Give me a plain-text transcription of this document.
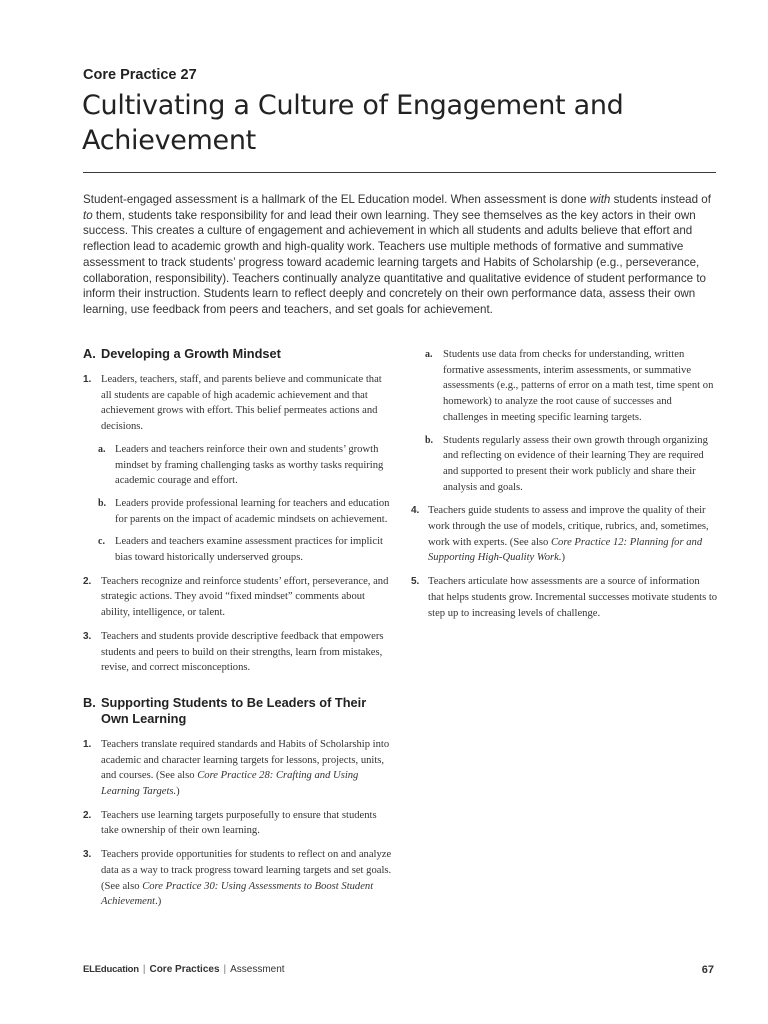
Core Practice 27
Cultivating a Culture of Engagement and Achievement

Student-engaged assessment is a hallmark of the EL Education model. When assessment is done with students instead of to them, students take responsibility for and lead their own learning. They see themselves as the key actors in their own success. This creates a culture of engagement and achievement in which all students and adults believe that effort and reflection lead to academic growth and high-quality work. Teachers use multiple methods of formative and summative assessment to track students’ progress toward academic learning targets and Habits of Scholarship (e.g., perseverance, collaboration, responsibility). Teachers continually analyze quantitative and qualitative evidence of student performance to inform their instruction. Students learn to reflect deeply and concretely on their own performance data, assess their own learning, use feedback from peers and teachers, and set goals for achievement.

A. Developing a Growth Mindset

1. Leaders, teachers, staff, and parents believe and communicate that all students are capable of high academic achievement and that achievement grows with effort. This belief permeates actions and decisions.

a. Leaders and teachers reinforce their own and students’ growth mindset by framing challenging tasks as worthy tasks requiring academic courage and effort.

b. Leaders provide professional learning for teachers and education for parents on the impact of academic mindsets on achievement.

c. Leaders and teachers examine assessment practices for implicit bias toward historically underserved groups.

2. Teachers recognize and reinforce students’ effort, perseverance, and strategic actions. They avoid “fixed mindset” comments about ability, intelligence, or talent.

3. Teachers and students provide descriptive feedback that empowers students and peers to build on their strengths, learn from mistakes, revise, and correct misconceptions.

B. Supporting Students to Be Leaders of Their Own Learning

1. Teachers translate required standards and Habits of Scholarship into academic and character learning targets for lessons, projects, units, and courses. (See also Core Practice 28: Crafting and Using Learning Targets.)

2. Teachers use learning targets purposefully to ensure that students take ownership of their own learning.

3. Teachers provide opportunities for students to reflect on and analyze data as a way to track progress toward learning targets and set goals. (See also Core Practice 30: Using Assessments to Boost Student Achievement.)

a. Students use data from checks for understanding, written formative assessments, interim assessments, or summative assessments (e.g., patterns of error on a math test, time spent on homework) to analyze the root cause of successes and challenges in meeting specific learning targets.

b. Students regularly assess their own growth through organizing and reflecting on evidence of their learning They are required and supported to present their work publicly and share their analysis and goals.

4. Teachers guide students to assess and improve the quality of their work through the use of models, critique, rubrics, and, sometimes, work with experts. (See also Core Practice 12: Planning for and Supporting High-Quality Work.)

5. Teachers articulate how assessments are a source of information that helps students grow. Incremental successes motivate students to step up to increasing levels of challenge.

ELEducation | Core Practices | Assessment	67
